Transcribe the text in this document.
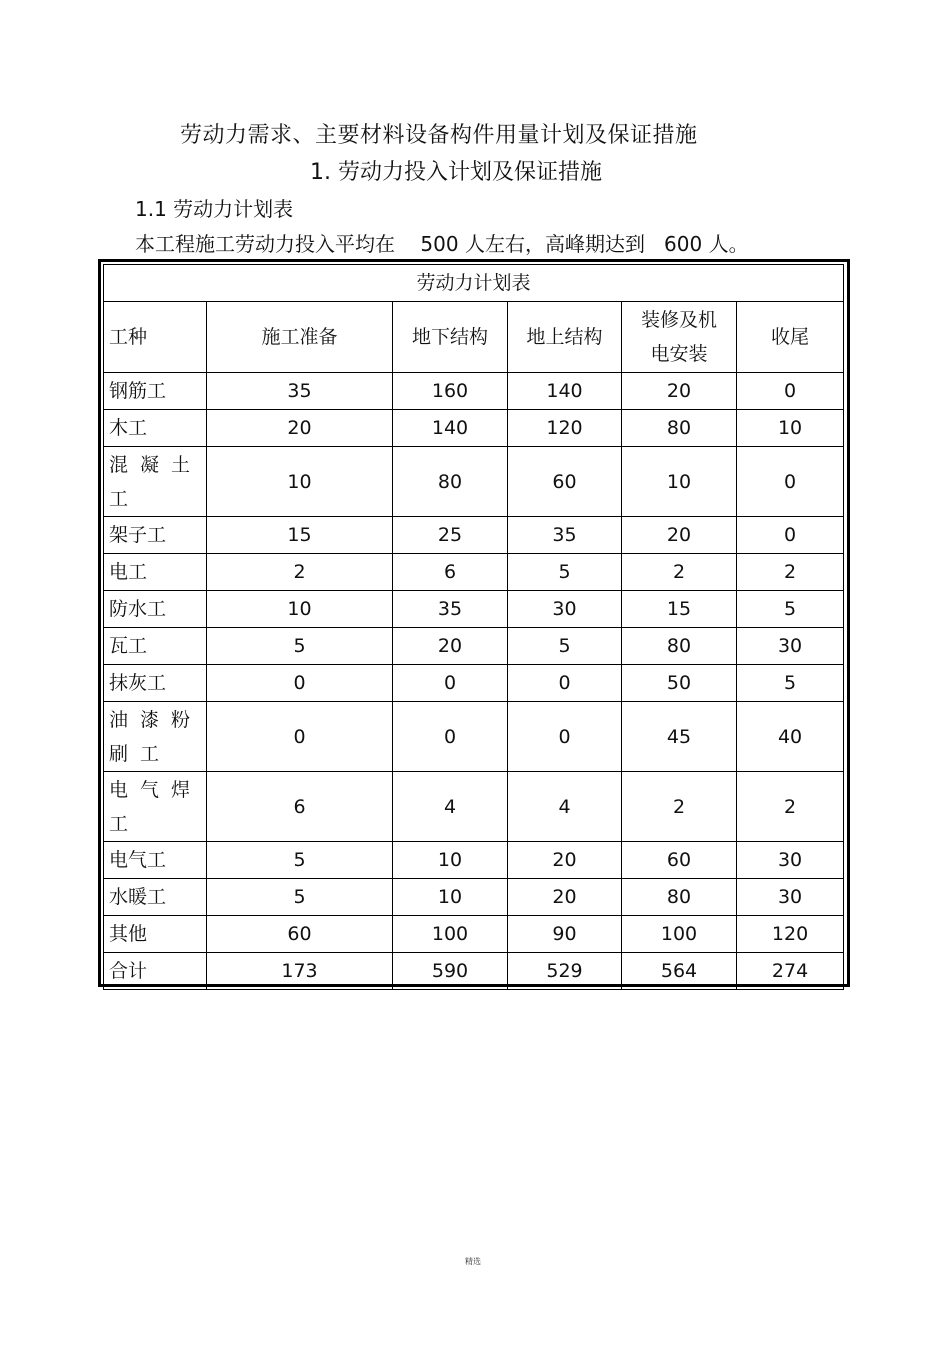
劳动力需求、主要材料设备构件用量计划及保证措施
1. 劳动力投入计划及保证措施
1.1 劳动力计划表
本工程施工劳动力投入平均在    500 人左右，高峰期达到   600 人。
劳动力计划表					
工种	施工准备	地下结构	地上结构	装修及机电安装	收尾
钢筋工	35	160	140	20	0
木工	20	140	120	80	10
混凝土工	10	80	60	10	0
架子工	15	25	35	20	0
电工	2	6	5	2	2
防水工	10	35	30	15	5
瓦工	5	20	5	80	30
抹灰工	0	0	0	50	5
油漆粉刷工	0	0	0	45	40
电气焊工	6	4	4	2	2
电气工	5	10	20	60	30
水暖工	5	10	20	80	30
其他	60	100	90	100	120
合计	173	590	529	564	274
精选
